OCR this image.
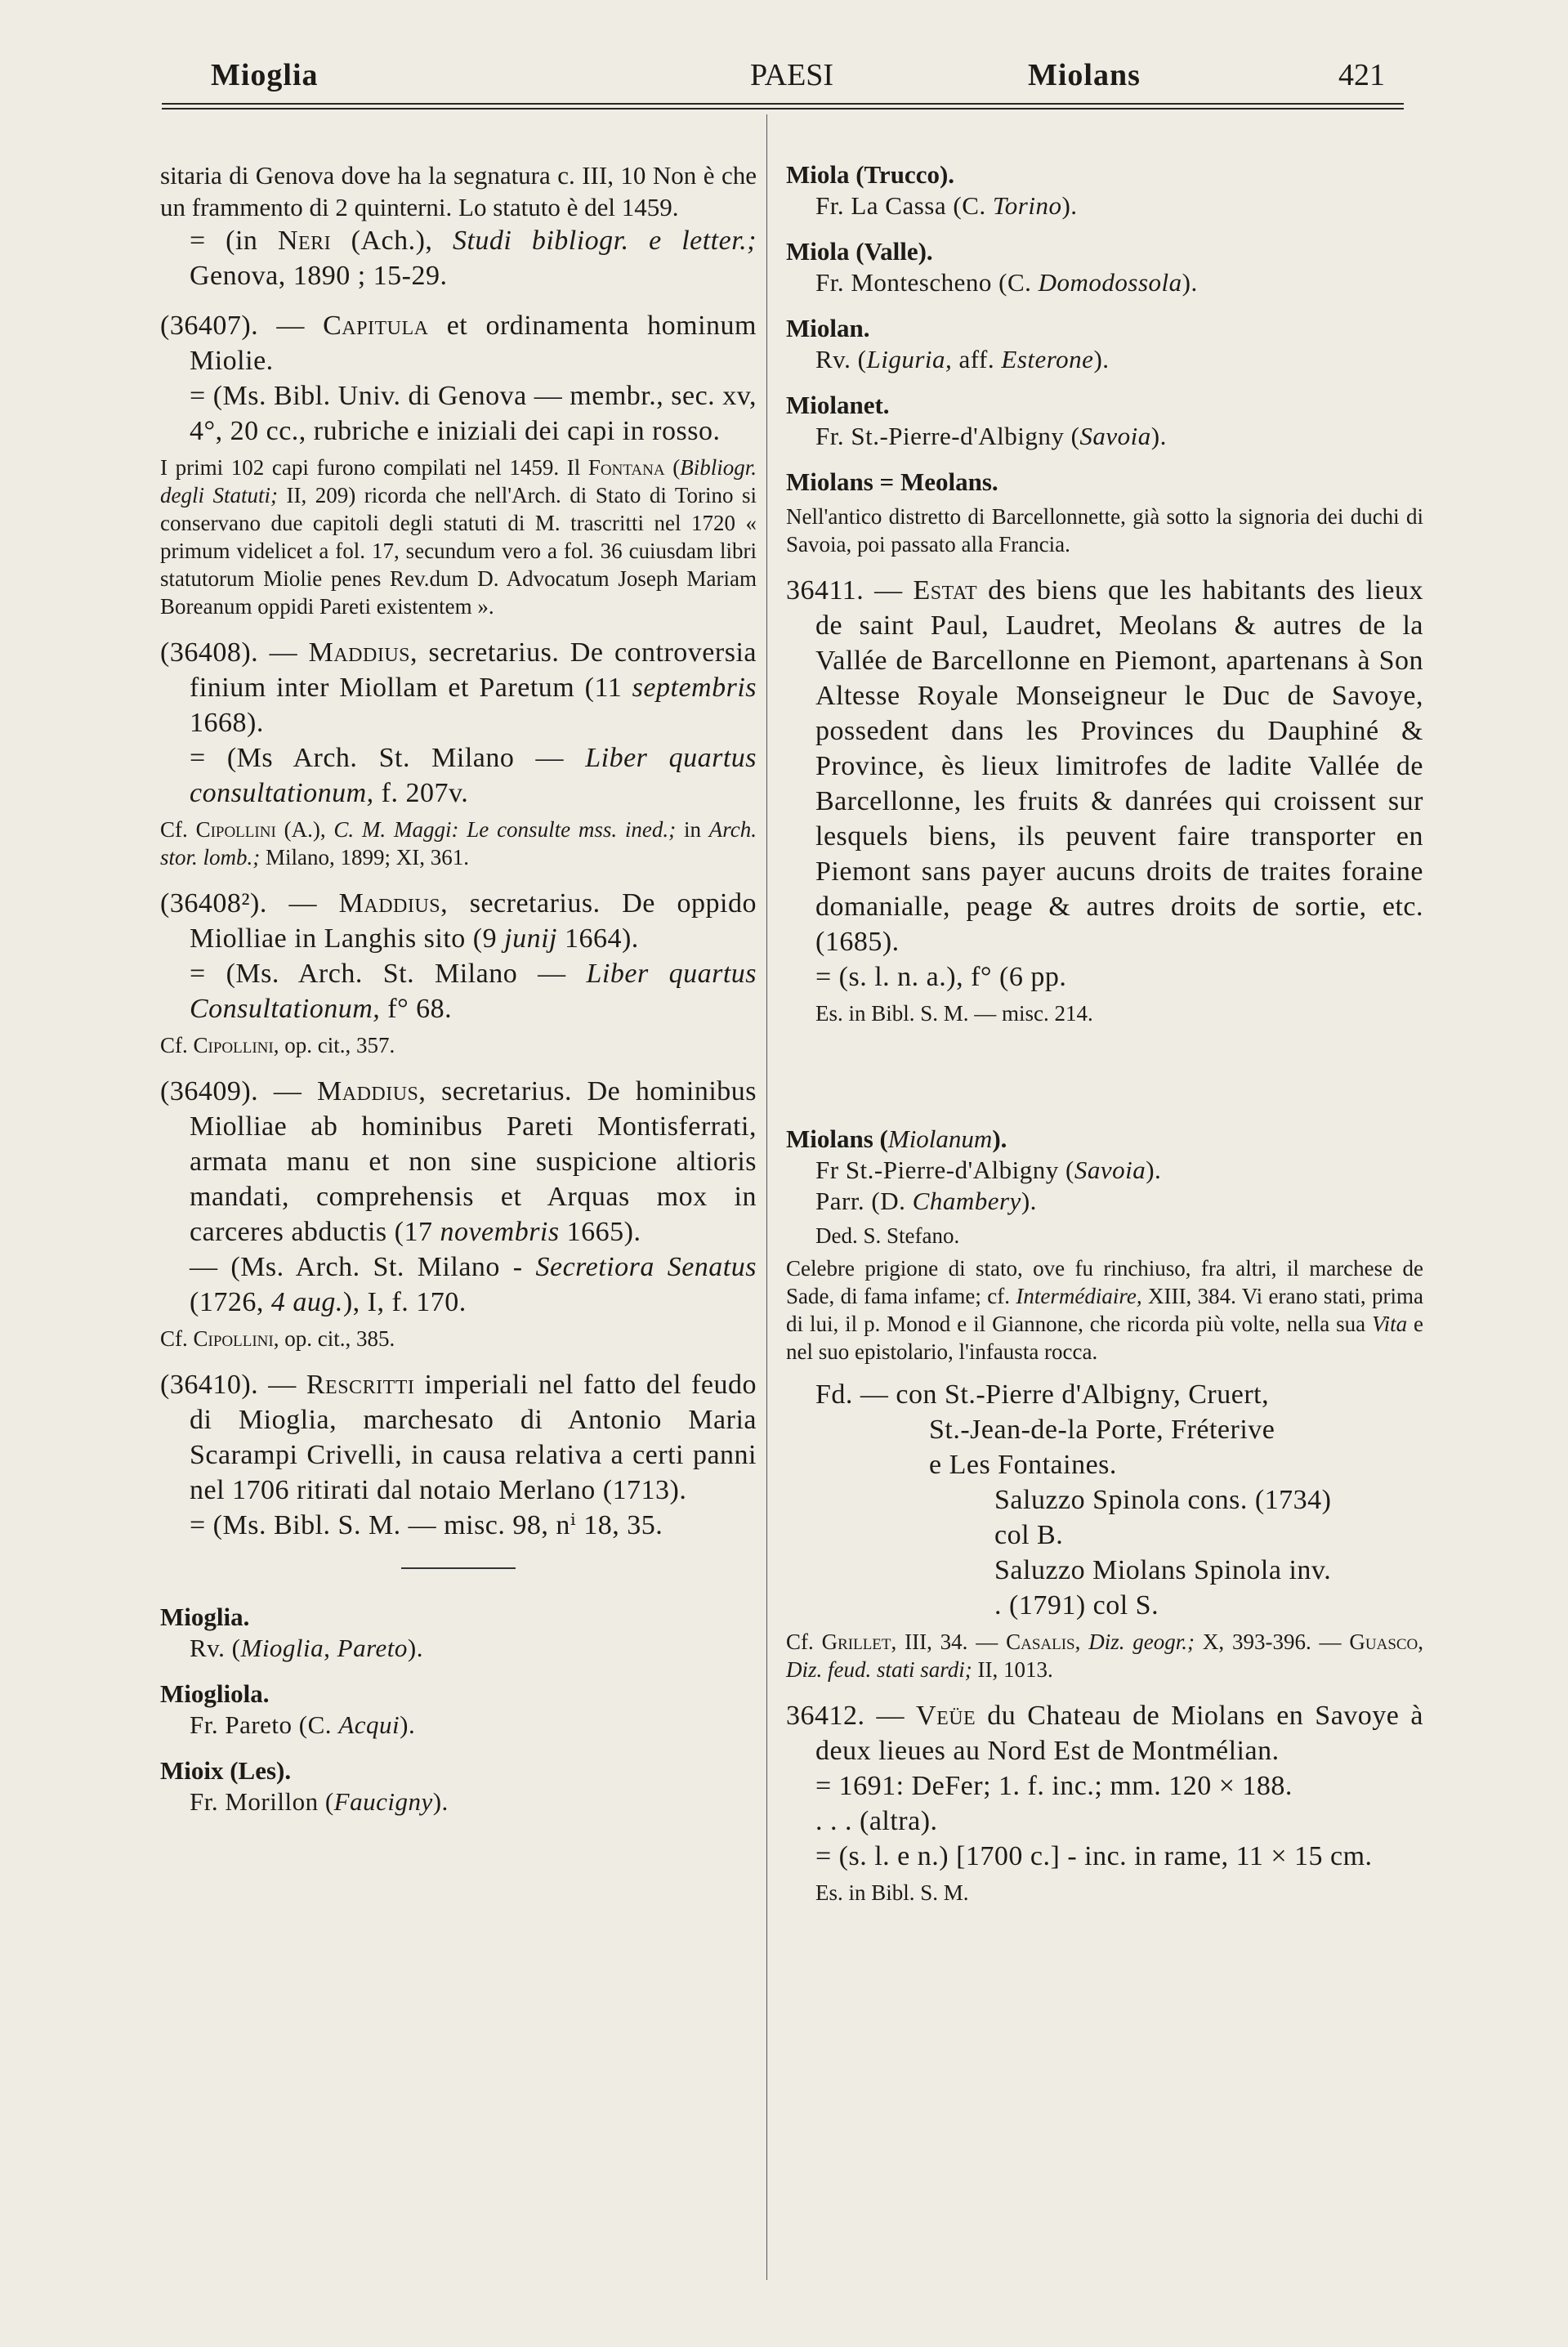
Mioglia	PAESI	Miolans	421

sitaria di Genova dove ha la segnatura c. III, 10 Non è che un frammento di 2 quinterni. Lo statuto è del 1459.

= (in Neri (Ach.), Studi bibliogr. e letter.; Genova, 1890 ; 15-29.

(36407). — Capitula et ordinamenta hominum Miolie.

= (Ms. Bibl. Univ. di Genova — membr., sec. xv, 4°, 20 cc., rubriche e iniziali dei capi in rosso.

I primi 102 capi furono compilati nel 1459. Il Fontana (Bibliogr. degli Statuti; II, 209) ricorda che nell'Arch. di Stato di Torino si conservano due capitoli degli statuti di M. trascritti nel 1720 « primum videlicet a fol. 17, secundum vero a fol. 36 cuiusdam libri statutorum Miolie penes Rev.dum D. Advocatum Joseph Mariam Boreanum oppidi Pareti existentem ».

(36408). — Maddius, secretarius. De controversia finium inter Miollam et Paretum (11 septembris 1668).

= (Ms Arch. St. Milano — Liber quartus consultationum, f. 207v.

Cf. Cipollini (A.), C. M. Maggi: Le consulte mss. ined.; in Arch. stor. lomb.; Milano, 1899; XI, 361.

(36408²). — Maddius, secretarius. De oppido Miolliae in Langhis sito (9 junij 1664).

= (Ms. Arch. St. Milano — Liber quartus Consultationum, f° 68.

Cf. Cipollini, op. cit., 357.

(36409). — Maddius, secretarius. De hominibus Miolliae ab hominibus Pareti Montisferrati, armata manu et non sine suspicione altioris mandati, comprehensis et Arquas mox in carceres abductis (17 novembris 1665).

— (Ms. Arch. St. Milano - Secretiora Senatus (1726, 4 aug.), I, f. 170.

Cf. Cipollini, op. cit., 385.

(36410). — Rescritti imperiali nel fatto del feudo di Mioglia, marchesato di Antonio Maria Scarampi Crivelli, in causa relativa a certi panni nel 1706 ritirati dal notaio Merlano (1713).

= (Ms. Bibl. S. M. — misc. 98, nⁱ 18, 35.

Mioglia.
Rv. (Mioglia, Pareto).
Miogliola.
Fr. Pareto (C. Acqui).
Mioix (Les).
Fr. Morillon (Faucigny).
Miola (Trucco).
Fr. La Cassa (C. Torino).
Miola (Valle).
Fr. Montescheno (C. Domodossola).
Miolan.
Rv. (Liguria, aff. Esterone).
Miolanet.
Fr. St.-Pierre-d'Albigny (Savoia).
Miolans = Meolans.

Nell'antico distretto di Barcellonnette, già sotto la signoria dei duchi di Savoia, poi passato alla Francia.

36411. — Estat des biens que les habitants des lieux de saint Paul, Laudret, Meolans & autres de la Vallée de Barcellonne en Piemont, apartenans à Son Altesse Royale Monseigneur le Duc de Savoye, possedent dans les Provinces du Dauphiné & Province, ès lieux limitrofes de ladite Vallée de Barcellonne, les fruits & danrées qui croissent sur lesquels biens, ils peuvent faire transporter en Piemont sans payer aucuns droits de traites foraine domanialle, peage & autres droits de sortie, etc. (1685).

= (s. l. n. a.), f° (6 pp.

Es. in Bibl. S. M. — misc. 214.

Miolans (Miolanum).
Fr St.-Pierre-d'Albigny (Savoia).
Parr. (D. Chambery).

Ded. S. Stefano.

Celebre prigione di stato, ove fu rinchiuso, fra altri, il marchese de Sade, di fama infame; cf. Intermédiaire, XIII, 384. Vi erano stati, prima di lui, il p. Monod e il Giannone, che ricorda più volte, nella sua Vita e nel suo epistolario, l'infausta rocca.

Fd. — con St.-Pierre d'Albigny, Cruert,
St.-Jean-de-la Porte, Fréterive
e Les Fontaines.
Saluzzo Spinola cons. (1734)
col B.
Saluzzo Miolans Spinola inv.
. (1791) col S.

Cf. Grillet, III, 34. — Casalis, Diz. geogr.; X, 393-396. — Guasco, Diz. feud. stati sardi; II, 1013.

36412. — Veüe du Chateau de Miolans en Savoye à deux lieues au Nord Est de Montmélian.

= 1691: DeFer; 1. f. inc.; mm. 120 × 188.

. . . (altra).

= (s. l. e n.) [1700 c.] - inc. in rame, 11 × 15 cm.

Es. in Bibl. S. M.
